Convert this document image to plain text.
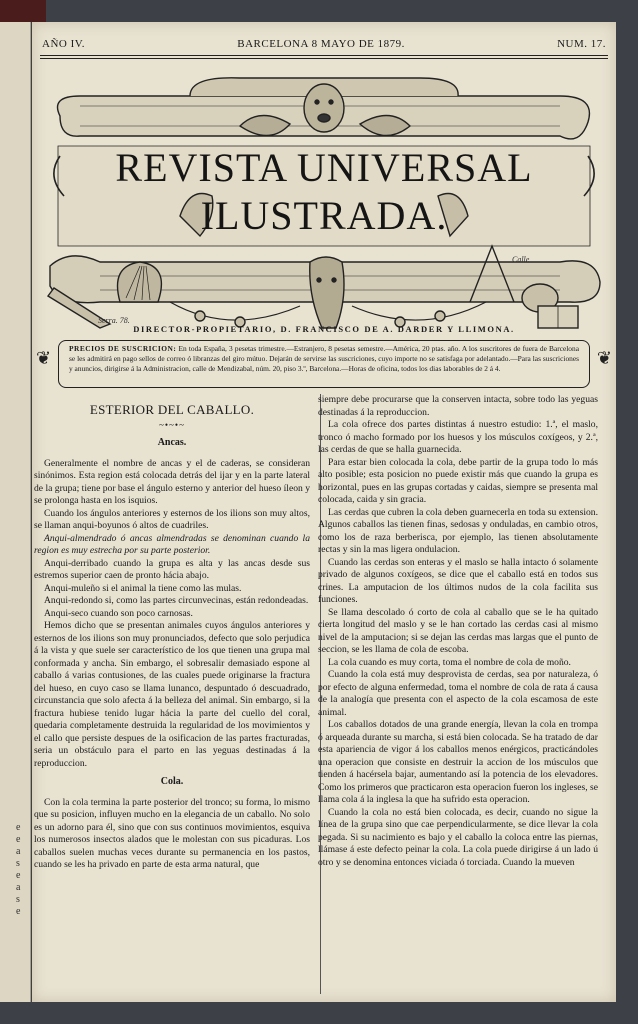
e
e
a
s
e
a
s
e
AÑO IV.	BARCELONA 8 MAYO DE 1879.	NUM. 17.
Serra. 78.
Calle
REVISTA UNIVERSAL
ILUSTRADA.
DIRECTOR-PROPIETARIO, D. FRANCISCO DE A. DARDER Y LLIMONA.
❦	❦
PRECIOS DE SUSCRICION: En toda España, 3 pesetas trimestre.—Estranjero, 8 pesetas semestre.—América, 20 ptas. año. A los suscritores de fuera de Barcelona se les admitirá en pago sellos de correo ó libranzas del giro mútuo. Dejarán de servirse las suscriciones, cuyo importe no se satisfaga por adelantado.—Para las suscriciones y anuncios, dirigirse á la Administracion, calle de Mendizabal, núm. 20, piso 3.º, Barcelona.—Horas de oficina, todos los dias laborables de 2 á 4.
ESTERIOR DEL CABALLO.
~•~•~
Ancas.

Generalmente el nombre de ancas y el de caderas, se consideran sinónimos. Esta region está colocada detrás del ijar y en la parte lateral de la grupa; tiene por base el ángulo esterno y anterior del hueso íleon y se prolonga hasta en los isquios.

Cuando los ángulos anteriores y esternos de los ilions son muy altos, se llaman anqui-boyunos ó altos de cuadriles.

Anqui-almendrado ó ancas almendradas se denominan cuando la region es muy estrecha por su parte posterior.

Anqui-derribado cuando la grupa es alta y las ancas desde sus estremos superior caen de pronto hácia abajo.

Anqui-muleño si el animal la tiene como las mulas.

Anqui-redondo si, como las partes circunvecinas, están redondeadas.

Anqui-seco cuando son poco carnosas.

Hemos dicho que se presentan animales cuyos ángulos anteriores y esternos de los ilions son muy pronunciados, defecto que solo perjudica á la vista y que suele ser característico de los que tienen una grupa mal conformada y ancha. Sin embargo, el sobresalir demasiado espone al caballo á varias contusiones, de las cuales puede originarse la fractura del hueso, en cuyo caso se llama lunanco, despuntado ó descuadrado, circunstancia que solo afecta á la belleza del animal. Sin embargo, si la fractura hubiese tenido lugar hácia la parte del cuello del coral, quedaria completamente destruida la regularidad de los movimientos y el callo que persiste despues de la osificacion de las partes fracturadas, seria un obstáculo para el parto en las yeguas destinadas á la reproduccion.

Cola.

Con la cola termina la parte posterior del tronco; su forma, lo mismo que su posicion, influyen mucho en la elegancia de un caballo. No solo es un adorno para él, sino que con sus continuos movimientos, esquiva los numerosos insectos alados que le molestan con sus picaduras. Los caballos suelen muchas veces durante su permanencia en los pastos, cuando se les ha privado en parte de esta arma natural, que

siempre debe procurarse que la conserven intacta, sobre todo las yeguas destinadas á la reproduccion.

La cola ofrece dos partes distintas á nuestro estudio: 1.ª, el maslo, tronco ó macho formado por los huesos y los músculos coxígeos, y 2.ª, las cerdas de que se halla guarnecida.

Para estar bien colocada la cola, debe partir de la grupa todo lo más alto posible; esta posicion no puede existir más que cuando la grupa es horizontal, pues en las grupas cortadas y caidas, siempre se presenta mal colocada, caida y sin gracia.

Las cerdas que cubren la cola deben guarnecerla en toda su extension. Algunos caballos las tienen finas, sedosas y onduladas, en cambio otros, como los de raza berberisca, por ejemplo, las tienen absolutamente rectas y sin la mas ligera ondulacion.

Cuando las cerdas son enteras y el maslo se halla intacto ó solamente privado de algunos coxígeos, se dice que el caballo está en todos sus crines. La amputacion de los últimos nudos de la cola facilita sus funciones.

Se llama descolado ó corto de cola al caballo que se le ha quitado cierta longitud del maslo y se le han cortado las cerdas casi al mismo nivel de la amputacion; si se dejan las cerdas mas largas que el punto de seccion, se les llama de cola de escoba.

La cola cuando es muy corta, toma el nombre de cola de moño.

Cuando la cola está muy desprovista de cerdas, sea por naturaleza, ó por efecto de alguna enfermedad, toma el nombre de cola de rata á causa de la analogía que presenta con el aspecto de la cola escamosa de este animal.

Los caballos dotados de una grande energía, llevan la cola en trompa ó arqueada durante su marcha, si está bien colocada. Se ha tratado de dar esta apariencia de vigor á los caballos menos enérgicos, practicándoles una operacion que consiste en destruir la accion de los músculos que tienden á hacérsela bajar, aumentando así la potencia de los elevadores. Como los primeros que practicaron esta operacion fueron los ingleses, se llama cola á la inglesa la que ha sufrido esta operacion.

Cuando la cola no está bien colocada, es decir, cuando no sigue la línea de la grupa sino que cae perpendicularmente, se dice llevar la cola pegada. Si su nacimiento es bajo y el caballo la coloca entre las piernas, llámase á este defecto peinar la cola. La cola puede dirigirse á un lado ú otro y se denomina entonces viciada ó torciada. Cuando la mueven
